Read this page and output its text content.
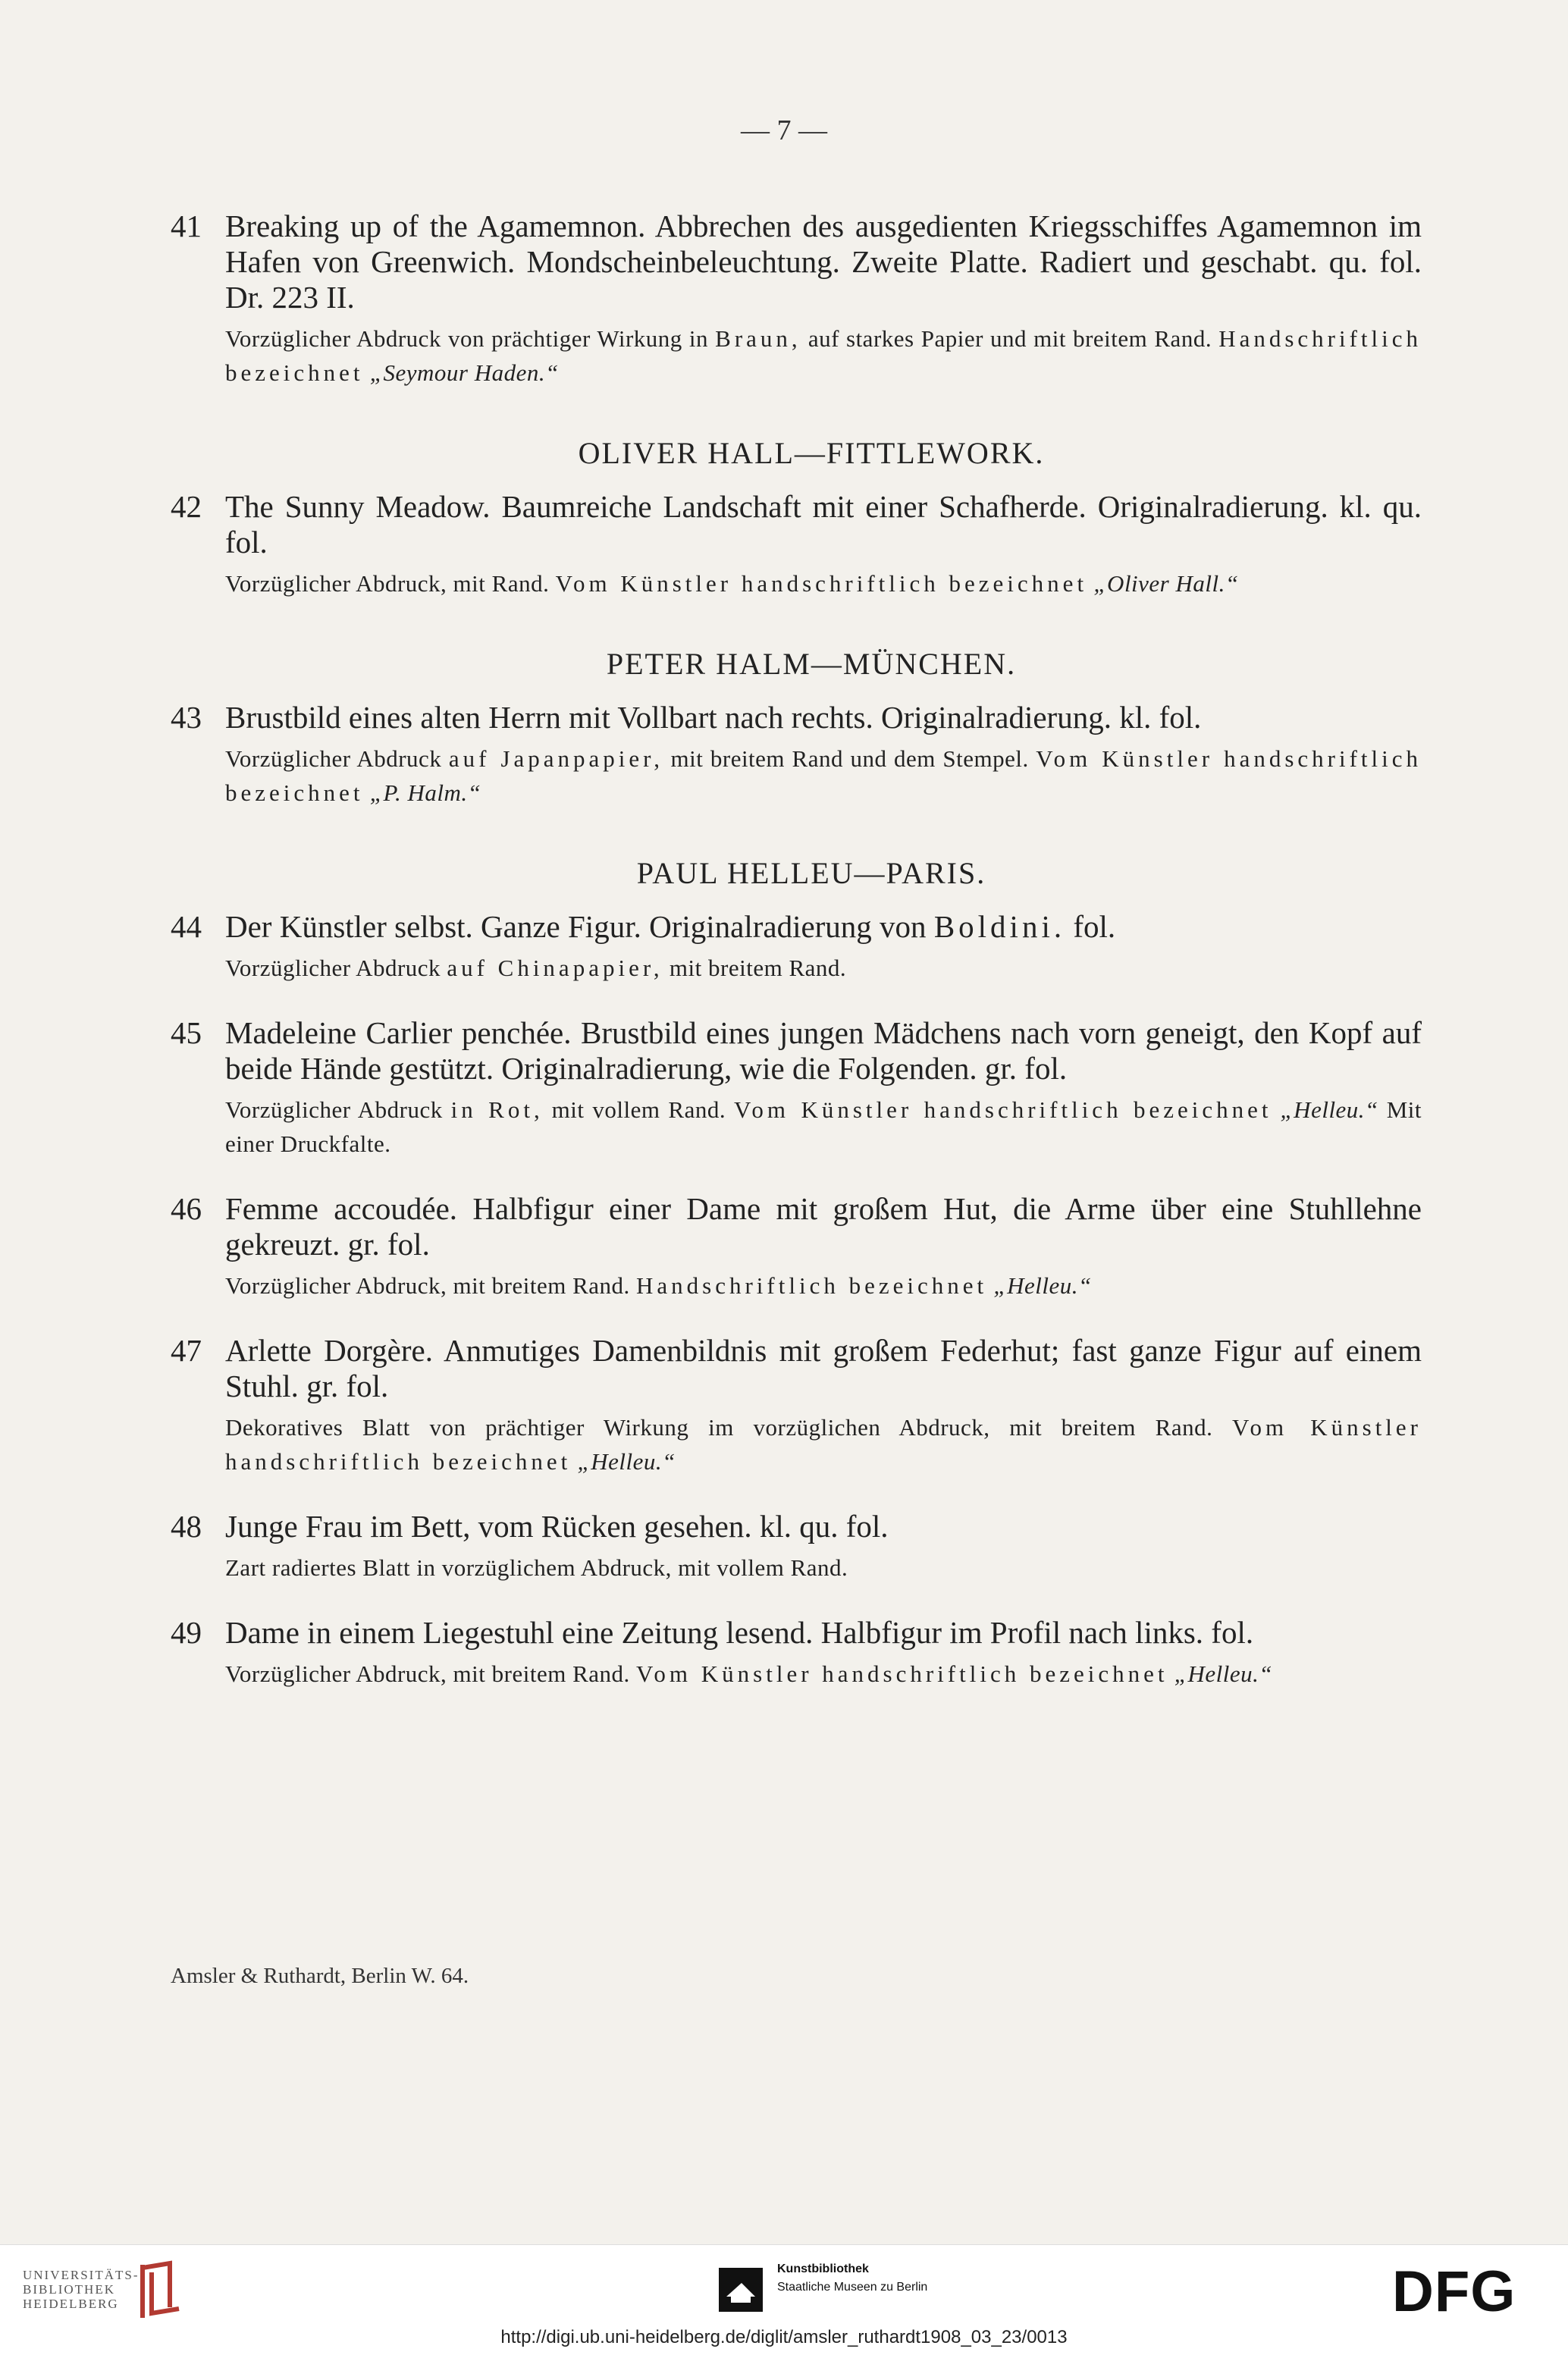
— 7 —
41 Breaking up of the Agamemnon. Abbrechen des ausgedienten Kriegsschiffes Agamemnon im Hafen von Greenwich. Mondscheinbeleuchtung. Zweite Platte. Radiert und geschabt. qu. fol. Dr. 223 II.

Vorzüglicher Abdruck von prächtiger Wirkung in Braun, auf starkes Papier und mit breitem Rand. Handschriftlich bezeichnet „Seymour Haden.“

OLIVER HALL—FITTLEWORK.
42 The Sunny Meadow. Baumreiche Landschaft mit einer Schafherde. Originalradierung. kl. qu. fol.

Vorzüglicher Abdruck, mit Rand. Vom Künstler handschriftlich bezeichnet „Oliver Hall.“

PETER HALM—MÜNCHEN.
43 Brustbild eines alten Herrn mit Vollbart nach rechts. Originalradierung. kl. fol.

Vorzüglicher Abdruck auf Japanpapier, mit breitem Rand und dem Stempel. Vom Künstler handschriftlich bezeichnet „P. Halm.“

PAUL HELLEU—PARIS.
44 Der Künstler selbst. Ganze Figur. Originalradierung von Boldini. fol.

Vorzüglicher Abdruck auf Chinapapier, mit breitem Rand.

45 Madeleine Carlier penchée. Brustbild eines jungen Mädchens nach vorn geneigt, den Kopf auf beide Hände gestützt. Originalradierung, wie die Folgenden. gr. fol.

Vorzüglicher Abdruck in Rot, mit vollem Rand. Vom Künstler handschriftlich bezeichnet „Helleu.“ Mit einer Druckfalte.

46 Femme accoudée. Halbfigur einer Dame mit großem Hut, die Arme über eine Stuhllehne gekreuzt. gr. fol.

Vorzüglicher Abdruck, mit breitem Rand. Handschriftlich bezeichnet „Helleu.“

47 Arlette Dorgère. Anmutiges Damenbildnis mit großem Federhut; fast ganze Figur auf einem Stuhl. gr. fol.

Dekoratives Blatt von prächtiger Wirkung im vorzüglichen Abdruck, mit breitem Rand. Vom Künstler handschriftlich bezeichnet „Helleu.“

48 Junge Frau im Bett, vom Rücken gesehen. kl. qu. fol.

Zart radiertes Blatt in vorzüglichem Abdruck, mit vollem Rand.

49 Dame in einem Liegestuhl eine Zeitung lesend. Halbfigur im Profil nach links. fol.

Vorzüglicher Abdruck, mit breitem Rand. Vom Künstler handschriftlich bezeichnet „Helleu.“

Amsler & Ruthardt, Berlin W. 64.
UNIVERSITÄTS-
BIBLIOTHEK
HEIDELBERG
Kunstbibliothek
Staatliche Museen zu Berlin	DFG
http://digi.ub.uni-heidelberg.de/diglit/amsler_ruthardt1908_03_23/0013
